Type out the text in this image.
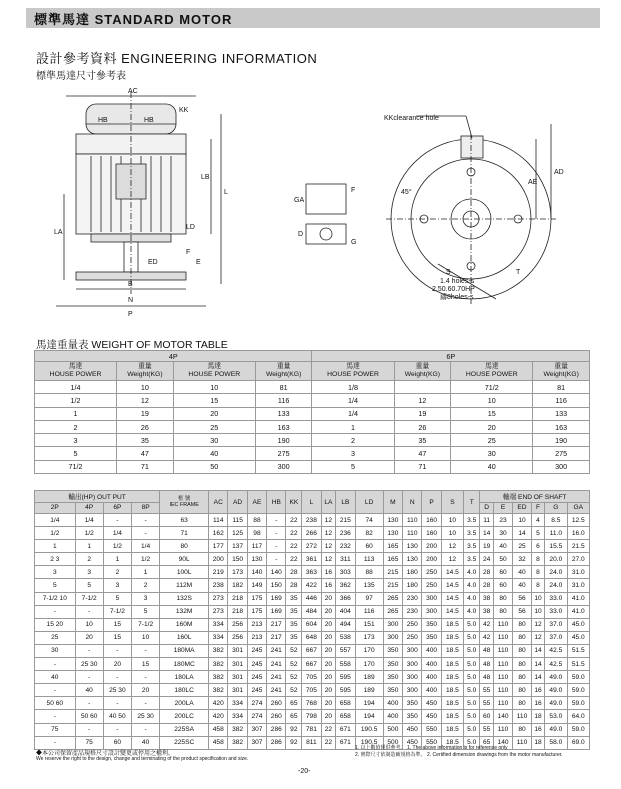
標準馬達 STANDARD MOTOR
設計參考資料 ENGINEERING INFORMATION
標準馬達尺寸參考表
AC
HB	HB
L
LB
LD
LA
E
ED
F
B
N
P
KK
GA
F
D
G
KKclearance hole
AE
AD
45°
S	T
1.4 holes-s
2.50.60.70HP
鑄8holes-s
馬達重量表 WEIGHT OF MOTOR TABLE
4P				6P			
馬達
HOUSE POWER	重量
Weight(KG)	馬達
HOUSE POWER	重量
Weight(KG)	馬達
HOUSE POWER	重量
Weight(KG)	馬達
HOUSE POWER	重量
Weight(KG)
1/4	10	10	81	1/8		71/2	81
1/2	12	15	116	1/4	12	10	116
1	19	20	133	1/4	19	15	133
2	26	25	163	1	26	20	163
3	35	30	190	2	35	25	190
5	47	40	275	3	47	30	275
71/2	71	50	300	5	71	40	300
輸出(HP) OUT PUT				框 號
IEC FRAME	AC	AD	AE	HB	KK	L	LA	LB	LD	M	N	P	S	T	軸端 END OF SHAFT					
2P	4P	6P	8P																D	E	ED	F	G	GA
1/4	1/4	-	-	63	114	115	88	-	22	238	12	215	74	130	110	160	10	3.5	11	23	10	4	8.5	12.5
1/2	1/2	1/4	-	71	162	125	98	-	22	266	12	236	82	130	110	160	10	3.5	14	30	14	5	11.0	16.0
1	1	1/2	1/4	80	177	137	117	-	22	272	12	232	60	165	130	200	12	3.5	19	40	25	6	15.5	21.5
2 3	2	1	1/2	90L	200	150	130	-	22	361	12	311	113	165	130	200	12	3.5	24	50	32	8	20.0	27.0
3	3	2	1	100L	219	173	140	140	28	363	16	303	88	215	180	250	14.5	4.0	28	60	40	8	24.0	31.0
5	5	3	2	112M	238	182	149	150	28	422	16	362	135	215	180	250	14.5	4.0	28	60	40	8	24.0	31.0
7-1/2 10	7-1/2	5	3	132S	273	218	175	169	35	446	20	366	97	265	230	300	14.5	4.0	38	80	56	10	33.0	41.0
-	-	7-1/2	5	132M	273	218	175	169	35	484	20	404	116	265	230	300	14.5	4.0	38	80	56	10	33.0	41.0
15 20	10	15	7-1/2	160M	334	256	213	217	35	604	20	494	151	300	250	350	18.5	5.0	42	110	80	12	37.0	45.0
25	20	15	10	160L	334	256	213	217	35	648	20	538	173	300	250	350	18.5	5.0	42	110	80	12	37.0	45.0
30	-	-	-	180MA	382	301	245	241	52	667	20	557	170	350	300	400	18.5	5.0	48	110	80	14	42.5	51.5
-	25 30	20	15	180MC	382	301	245	241	52	667	20	558	170	350	300	400	18.5	5.0	48	110	80	14	42.5	51.5
40	-	-	-	180LA	382	301	245	241	52	705	20	595	189	350	300	400	18.5	5.0	48	110	80	14	49.0	59.0
-	40	25 30	20	180LC	382	301	245	241	52	705	20	595	189	350	300	400	18.5	5.0	55	110	80	16	49.0	59.0
50 60	-	-	-	200LA	420	334	274	260	65	768	20	658	194	400	350	450	18.5	5.0	55	110	80	16	49.0	59.0
-	50 60	40 50	25 30	200LC	420	334	274	260	65	798	20	658	194	400	350	450	18.5	5.0	60	140	110	18	53.0	64.0
75	-	-	-	225SA	458	382	307	286	92	781	22	671	190.5	500	450	550	18.5	5.0	55	110	80	16	49.0	59.0
-	75	60	40	225SC	458	382	307	286	92	811	22	671	190.5	500	450	550	18.5	5.0	65	140	110	18	58.0	69.0
◆本公司保留產品規格尺寸設計變更或停用之權利。
We reserve the right to the design, change and terminating of the product specification and size.
1. 以上數值僅供參考。 1. The above information is for reference only
2. 實際尺寸依制造廠規格為準。 2. Certified dimension drawings from the motor manufacturer.
-20-
